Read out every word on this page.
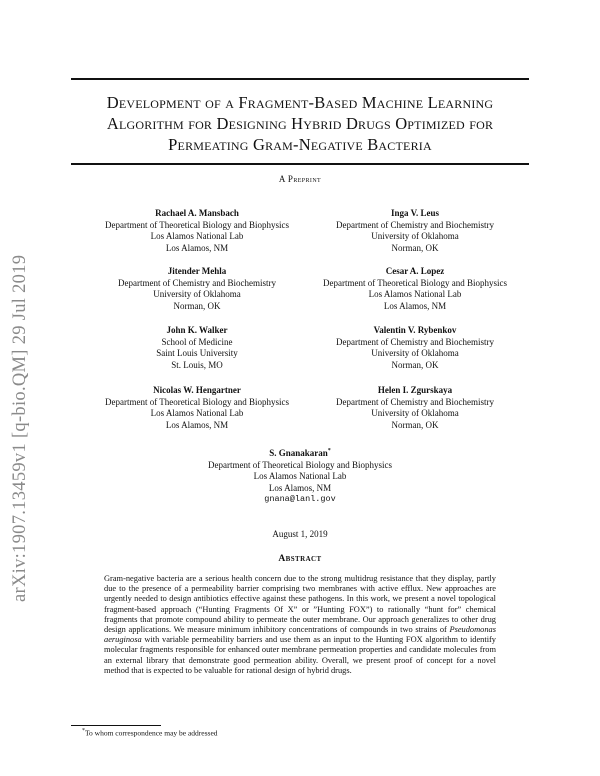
Development of a Fragment-Based Machine Learning
Algorithm for Designing Hybrid Drugs Optimized for
Permeating Gram-Negative Bacteria
A Preprint
arXiv:1907.13459v1 [q-bio.QM] 29 Jul 2019
Rachael A. Mansbach
Department of Theoretical Biology and Biophysics
Los Alamos National Lab
Los Alamos, NM
Inga V. Leus
Department of Chemistry and Biochemistry
University of Oklahoma
Norman, OK
Jitender Mehla
Department of Chemistry and Biochemistry
University of Oklahoma
Norman, OK
Cesar A. Lopez
Department of Theoretical Biology and Biophysics
Los Alamos National Lab
Los Alamos, NM
John K. Walker
School of Medicine
Saint Louis University
St. Louis, MO
Valentin V. Rybenkov
Department of Chemistry and Biochemistry
University of Oklahoma
Norman, OK
Nicolas W. Hengartner
Department of Theoretical Biology and Biophysics
Los Alamos National Lab
Los Alamos, NM
Helen I. Zgurskaya
Department of Chemistry and Biochemistry
University of Oklahoma
Norman, OK
S. Gnanakaran*
Department of Theoretical Biology and Biophysics
Los Alamos National Lab
Los Alamos, NM
gnana@lanl.gov
August 1, 2019
Abstract
Gram-negative bacteria are a serious health concern due to the strong multidrug resistance that they display, partly due to the presence of a permeability barrier comprising two membranes with active efflux. New approaches are urgently needed to design antibiotics effective against these pathogens. In this work, we present a novel topological fragment-based approach (“Hunting Fragments Of X” or ”Hunting FOX”) to rationally “hunt for” chemical fragments that promote compound ability to permeate the outer membrane. Our approach generalizes to other drug design applications. We measure minimum inhibitory concentrations of compounds in two strains of Pseudomonas aeruginosa with variable permeability barriers and use them as an input to the Hunting FOX algorithm to identify molecular fragments responsible for enhanced outer membrane permeation properties and candidate molecules from an external library that demonstrate good permeation ability. Overall, we present proof of concept for a novel method that is expected to be valuable for rational design of hybrid drugs.
*To whom correspondence may be addressed
